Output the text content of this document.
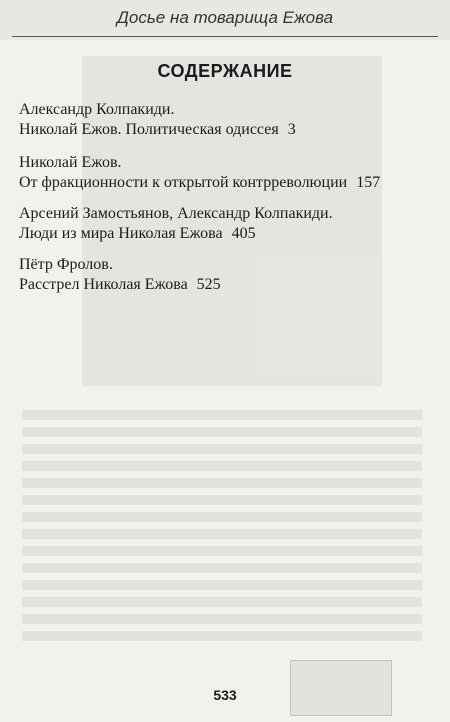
Досье на товарища Ежова
СОДЕРЖАНИЕ
Александр Колпакиди.
Николай Ежов. Политическая одиссея 3
Николай Ежов.
От фракционности к открытой контрреволюции 157
Арсений Замостьянов, Александр Колпакиди.
Люди из мира Николая Ежова 405
Пётр Фролов.
Расстрел Николая Ежова 525
533
